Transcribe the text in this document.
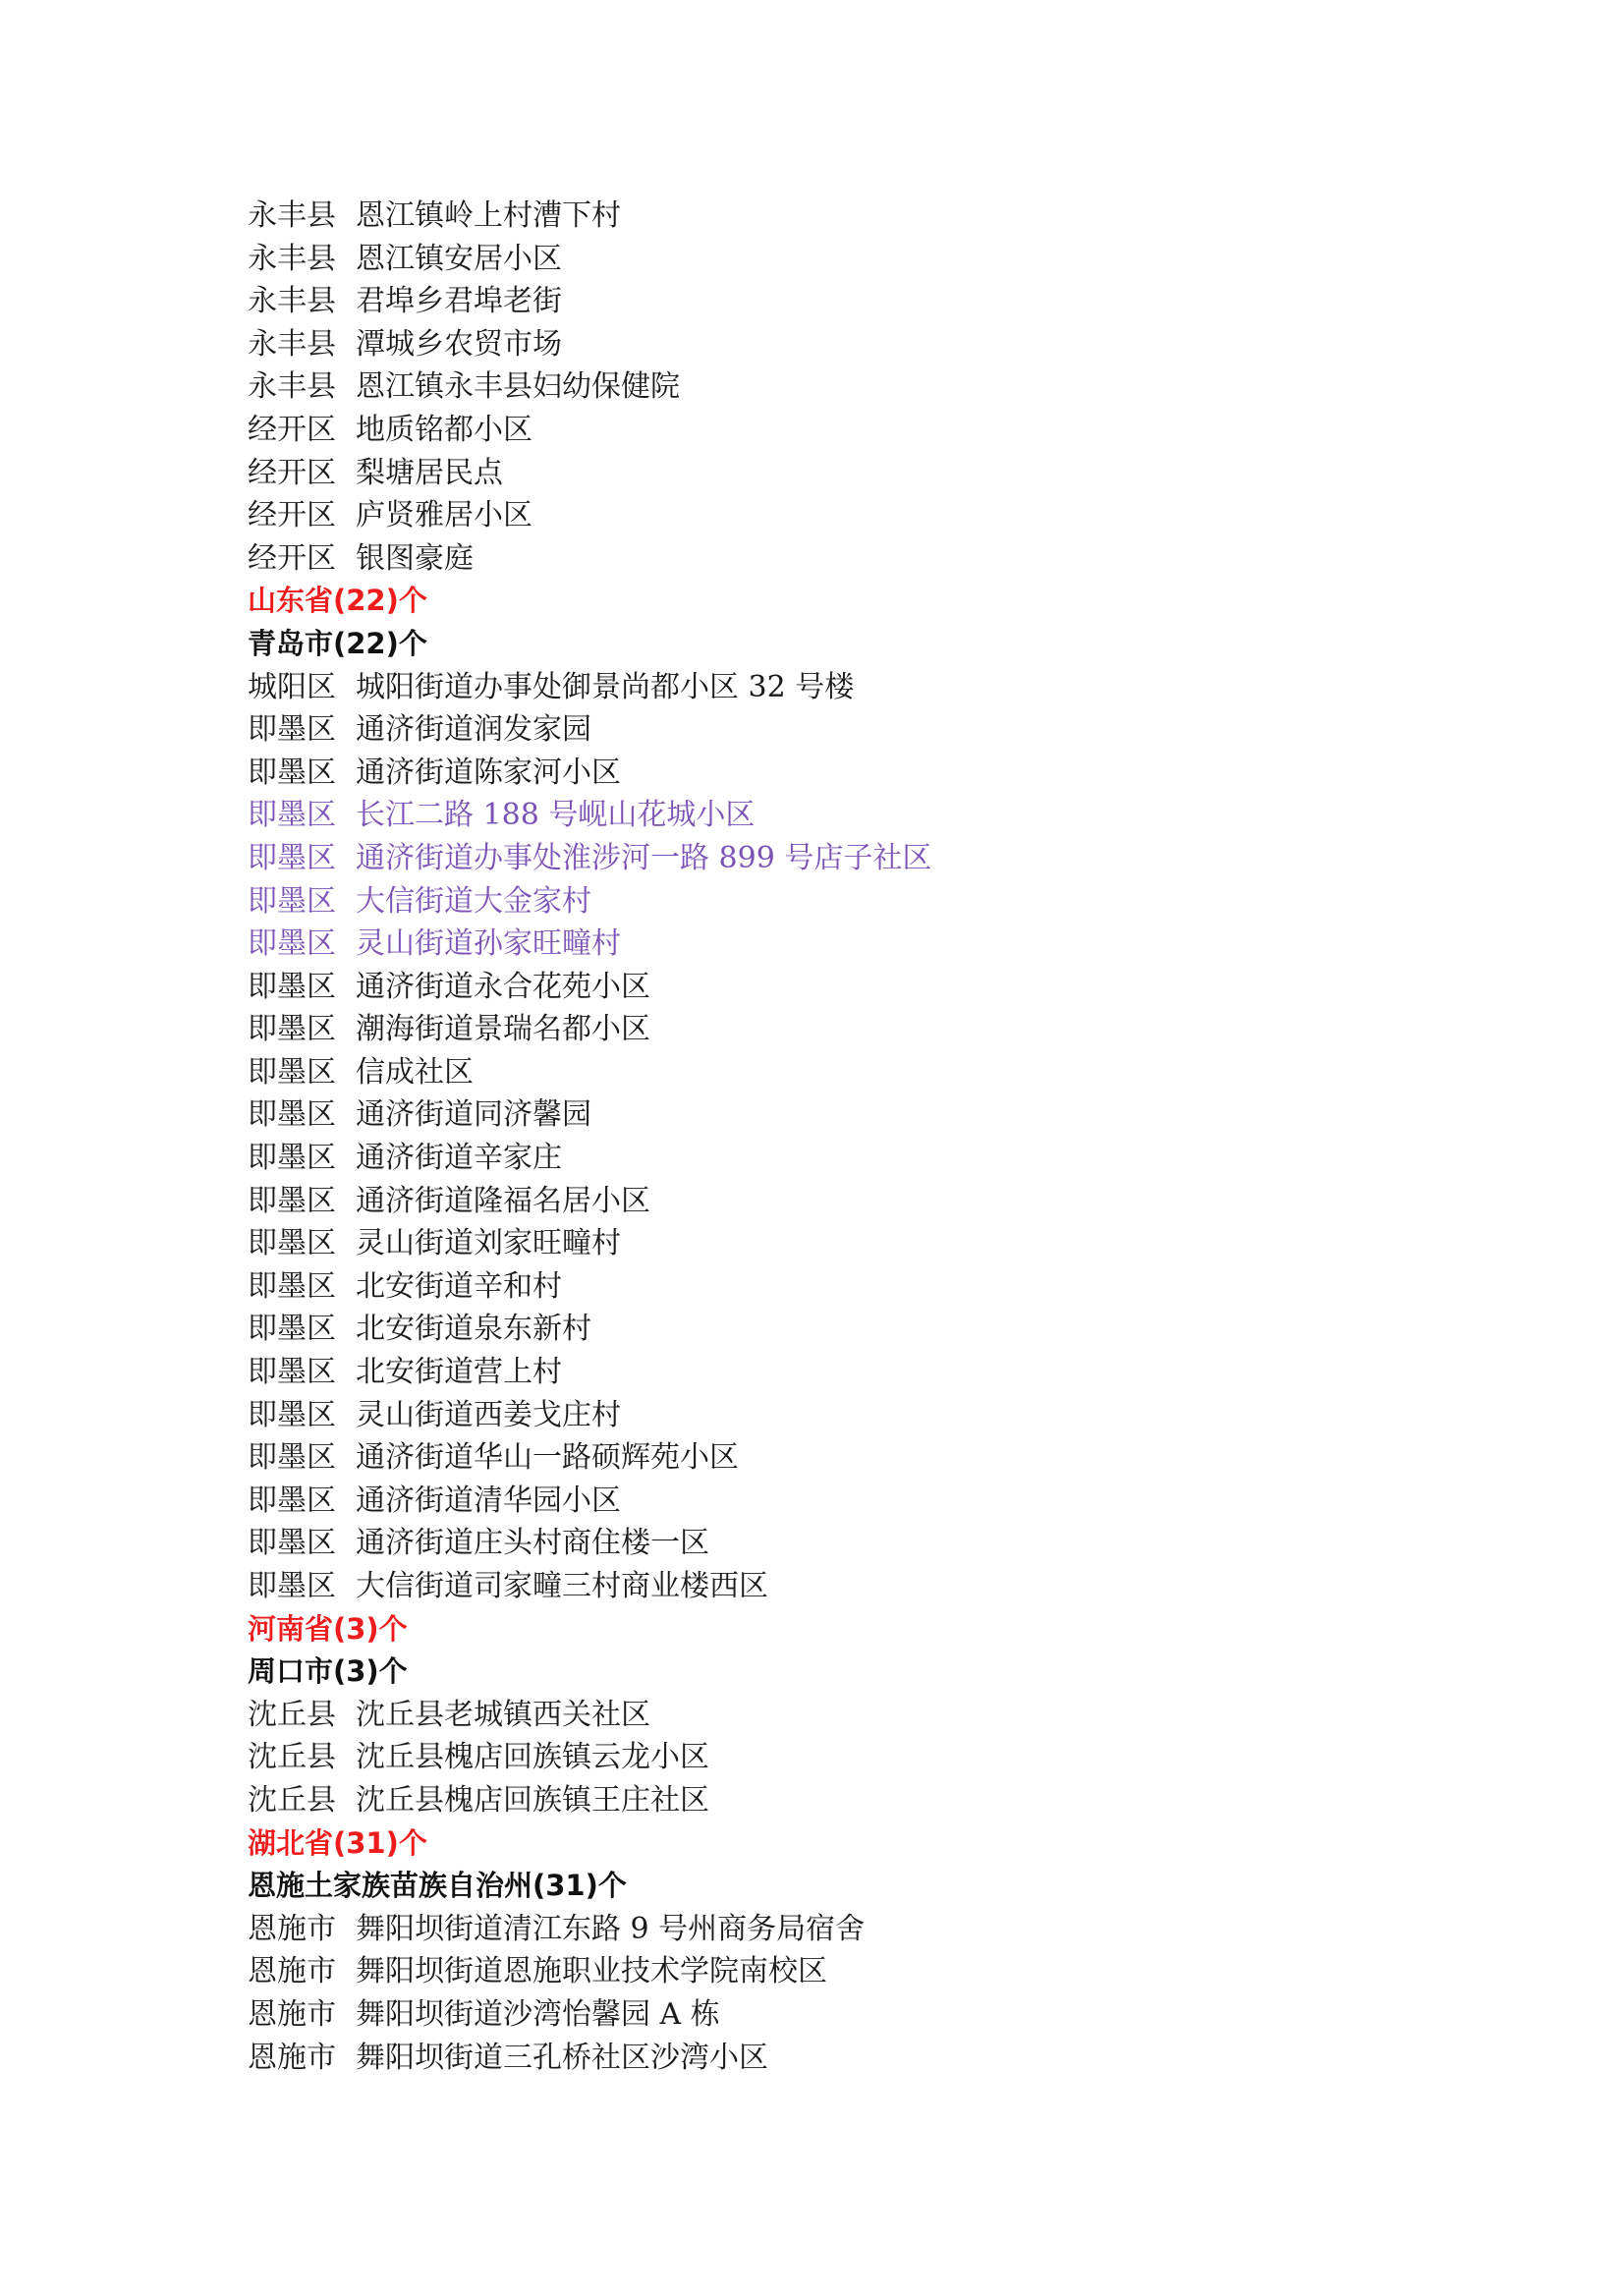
永丰县 恩江镇岭上村漕下村
永丰县 恩江镇安居小区
永丰县 君埠乡君埠老街
永丰县 潭城乡农贸市场
永丰县 恩江镇永丰县妇幼保健院
经开区 地质铭都小区
经开区 梨塘居民点
经开区 庐贤雅居小区
经开区 银图豪庭
山东省(22)个
青岛市(22)个
城阳区 城阳街道办事处御景尚都小区 32 号楼
即墨区 通济街道润发家园
即墨区 通济街道陈家河小区
即墨区 长江二路 188 号岘山花城小区
即墨区 通济街道办事处淮涉河一路 899 号店子社区
即墨区 大信街道大金家村
即墨区 灵山街道孙家旺疃村
即墨区 通济街道永合花苑小区
即墨区 潮海街道景瑞名都小区
即墨区 信成社区
即墨区 通济街道同济馨园
即墨区 通济街道辛家庄
即墨区 通济街道隆福名居小区
即墨区 灵山街道刘家旺疃村
即墨区 北安街道辛和村
即墨区 北安街道泉东新村
即墨区 北安街道营上村
即墨区 灵山街道西姜戈庄村
即墨区 通济街道华山一路硕辉苑小区
即墨区 通济街道清华园小区
即墨区 通济街道庄头村商住楼一区
即墨区 大信街道司家疃三村商业楼西区
河南省(3)个
周口市(3)个
沈丘县 沈丘县老城镇西关社区
沈丘县 沈丘县槐店回族镇云龙小区
沈丘县 沈丘县槐店回族镇王庄社区
湖北省(31)个
恩施土家族苗族自治州(31)个
恩施市 舞阳坝街道清江东路 9 号州商务局宿舍
恩施市 舞阳坝街道恩施职业技术学院南校区
恩施市 舞阳坝街道沙湾怡馨园 A 栋
恩施市 舞阳坝街道三孔桥社区沙湾小区
